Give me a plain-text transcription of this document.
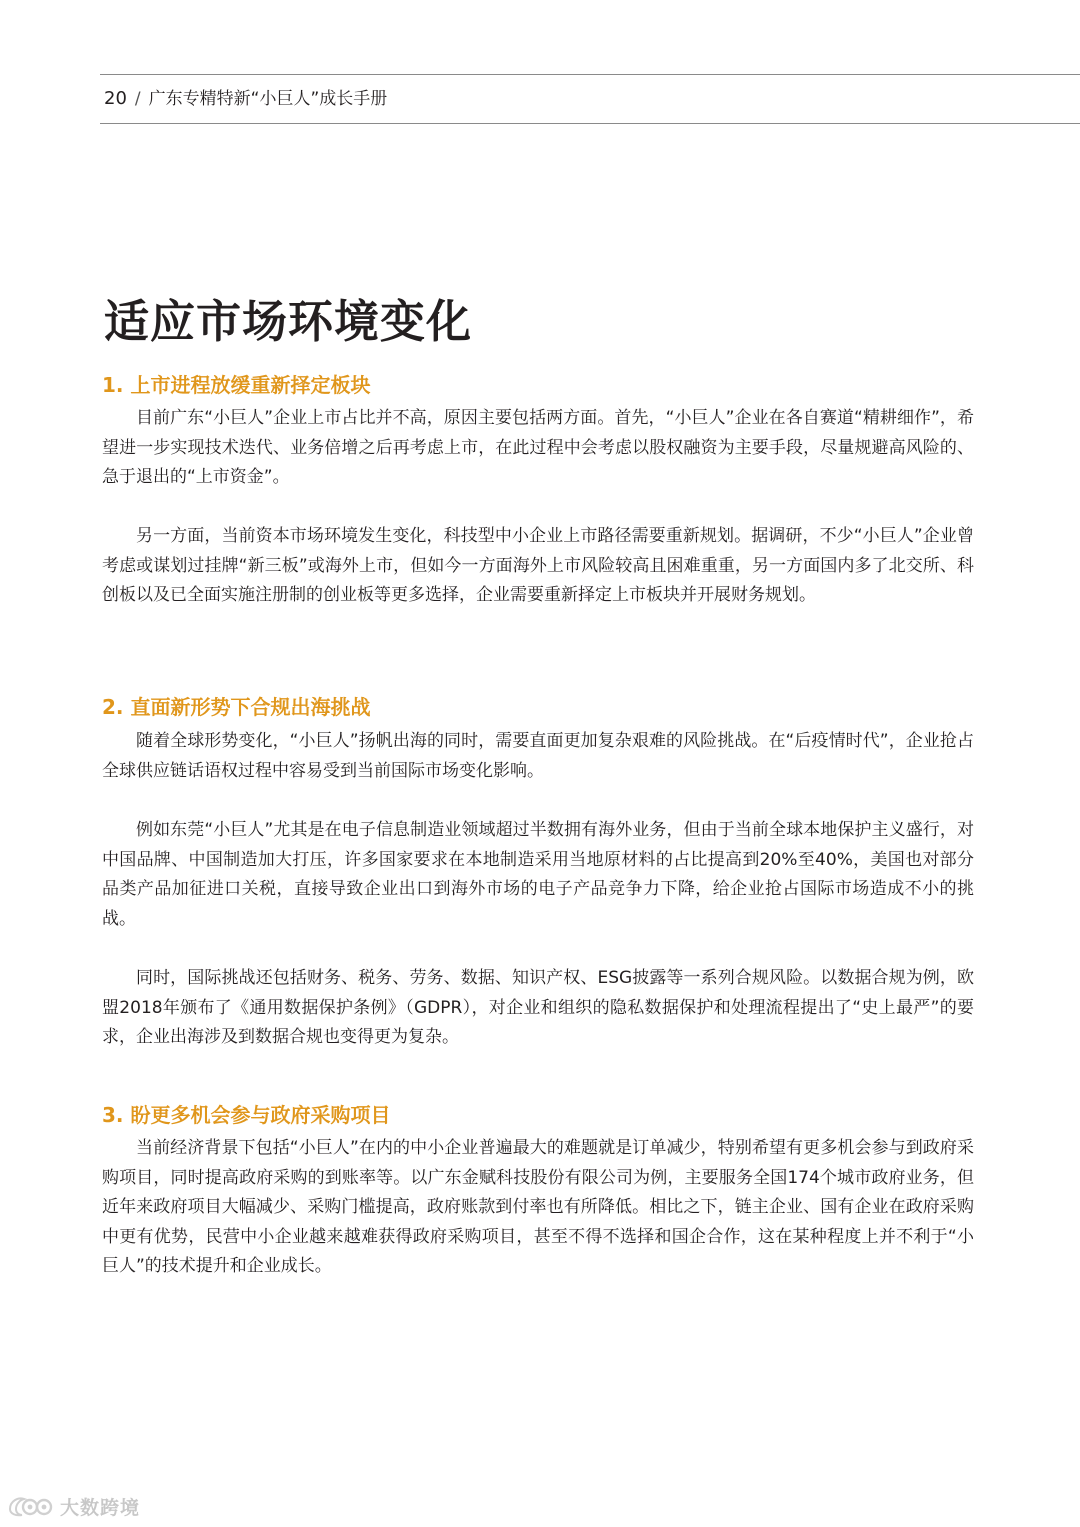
20 / 广东专精特新“小巨人”成长手册
适应市场环境变化
1. 上市进程放缓重新择定板块

目前广东“小巨人”企业上市占比并不高，原因主要包括两方面。首先，“小巨人”企业在各自赛道“精耕细作”，希望进一步实现技术迭代、业务倍增之后再考虑上市，在此过程中会考虑以股权融资为主要手段，尽量规避高风险的、急于退出的“上市资金”。

另一方面，当前资本市场环境发生变化，科技型中小企业上市路径需要重新规划。据调研，不少“小巨人”企业曾考虑或谋划过挂牌“新三板”或海外上市，但如今一方面海外上市风险较高且困难重重，另一方面国内多了北交所、科创板以及已全面实施注册制的创业板等更多选择，企业需要重新择定上市板块并开展财务规划。

2. 直面新形势下合规出海挑战

随着全球形势变化，“小巨人”扬帆出海的同时，需要直面更加复杂艰难的风险挑战。在“后疫情时代”，企业抢占全球供应链话语权过程中容易受到当前国际市场变化影响。

例如东莞“小巨人”尤其是在电子信息制造业领域超过半数拥有海外业务，但由于当前全球本地保护主义盛行，对中国品牌、中国制造加大打压，许多国家要求在本地制造采用当地原材料的占比提高到20%至40%，美国也对部分品类产品加征进口关税，直接导致企业出口到海外市场的电子产品竞争力下降，给企业抢占国际市场造成不小的挑战。

同时，国际挑战还包括财务、税务、劳务、数据、知识产权、ESG披露等一系列合规风险。以数据合规为例，欧盟2018年颁布了《通用数据保护条例》（GDPR），对企业和组织的隐私数据保护和处理流程提出了“史上最严”的要求，企业出海涉及到数据合规也变得更为复杂。

3. 盼更多机会参与政府采购项目

当前经济背景下包括“小巨人”在内的中小企业普遍最大的难题就是订单减少，特别希望有更多机会参与到政府采购项目，同时提高政府采购的到账率等。以广东金赋科技股份有限公司为例，主要服务全国174个城市政府业务，但近年来政府项目大幅减少、采购门槛提高，政府账款到付率也有所降低。相比之下，链主企业、国有企业在政府采购中更有优势，民营中小企业越来越难获得政府采购项目，甚至不得不选择和国企合作，这在某种程度上并不利于“小巨人”的技术提升和企业成长。

大数跨境
